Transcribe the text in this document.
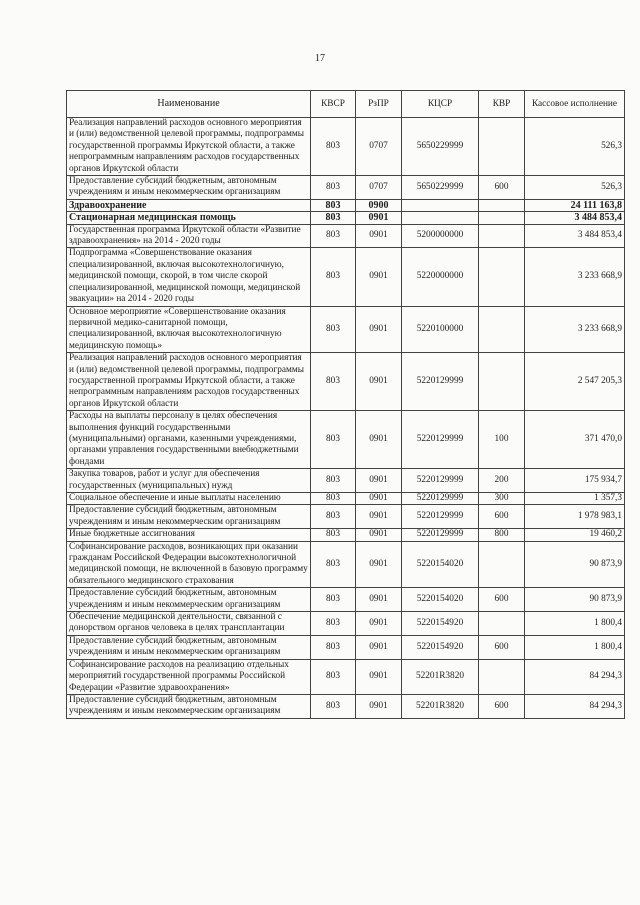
17
Наименование	КВСР	РзПР	КЦСР	КВР	Кассовое исполнение
Реализация направлений расходов основного мероприятия и (или) ведомственной целевой программы, подпрограммы государственной программы Иркутской области, а также непрограммным направлениям расходов государственных органов Иркутской области	803	0707	5650229999		526,3
Предоставление субсидий бюджетным, автономным учреждениям и иным некоммерческим организациям	803	0707	5650229999	600	526,3
Здравоохранение	803	0900			24 111 163,8
Стационарная медицинская помощь	803	0901			3 484 853,4
Государственная программа Иркутской области «Развитие здравоохранения» на 2014 - 2020 годы	803	0901	5200000000		3 484 853,4
Подпрограмма «Совершенствование оказания специализированной, включая высокотехнологичную, медицинской помощи, скорой, в том числе скорой специализированной, медицинской помощи, медицинской эвакуации» на 2014 - 2020 годы	803	0901	5220000000		3 233 668,9
Основное мероприятие «Совершенствование оказания первичной медико-санитарной помощи, специализированной, включая высокотехнологичную медицинскую помощь»	803	0901	5220100000		3 233 668,9
Реализация направлений расходов основного мероприятия и (или) ведомственной целевой программы, подпрограммы государственной программы Иркутской области, а также непрограммным направлениям расходов государственных органов Иркутской области	803	0901	5220129999		2 547 205,3
Расходы на выплаты персоналу в целях обеспечения выполнения функций государственными (муниципальными) органами, казенными учреждениями, органами управления государственными внебюджетными фондами	803	0901	5220129999	100	371 470,0
Закупка товаров, работ и услуг для обеспечения государственных (муниципальных) нужд	803	0901	5220129999	200	175 934,7
Социальное обеспечение и иные выплаты населению	803	0901	5220129999	300	1 357,3
Предоставление субсидий бюджетным, автономным учреждениям и иным некоммерческим организациям	803	0901	5220129999	600	1 978 983,1
Иные бюджетные ассигнования	803	0901	5220129999	800	19 460,2
Софинансирование расходов, возникающих при оказании гражданам Российской Федерации высокотехнологичной медицинской помощи, не включенной в базовую программу обязательного медицинского страхования	803	0901	5220154020		90 873,9
Предоставление субсидий бюджетным, автономным учреждениям и иным некоммерческим организациям	803	0901	5220154020	600	90 873,9
Обеспечение медицинской деятельности, связанной с донорством органов человека в целях трансплантации	803	0901	5220154920		1 800,4
Предоставление субсидий бюджетным, автономным учреждениям и иным некоммерческим организациям	803	0901	5220154920	600	1 800,4
Софинансирование расходов на реализацию отдельных мероприятий государственной программы Российской Федерации «Развитие здравоохранения»	803	0901	52201R3820		84 294,3
Предоставление субсидий бюджетным, автономным учреждениям и иным некоммерческим организациям	803	0901	52201R3820	600	84 294,3
